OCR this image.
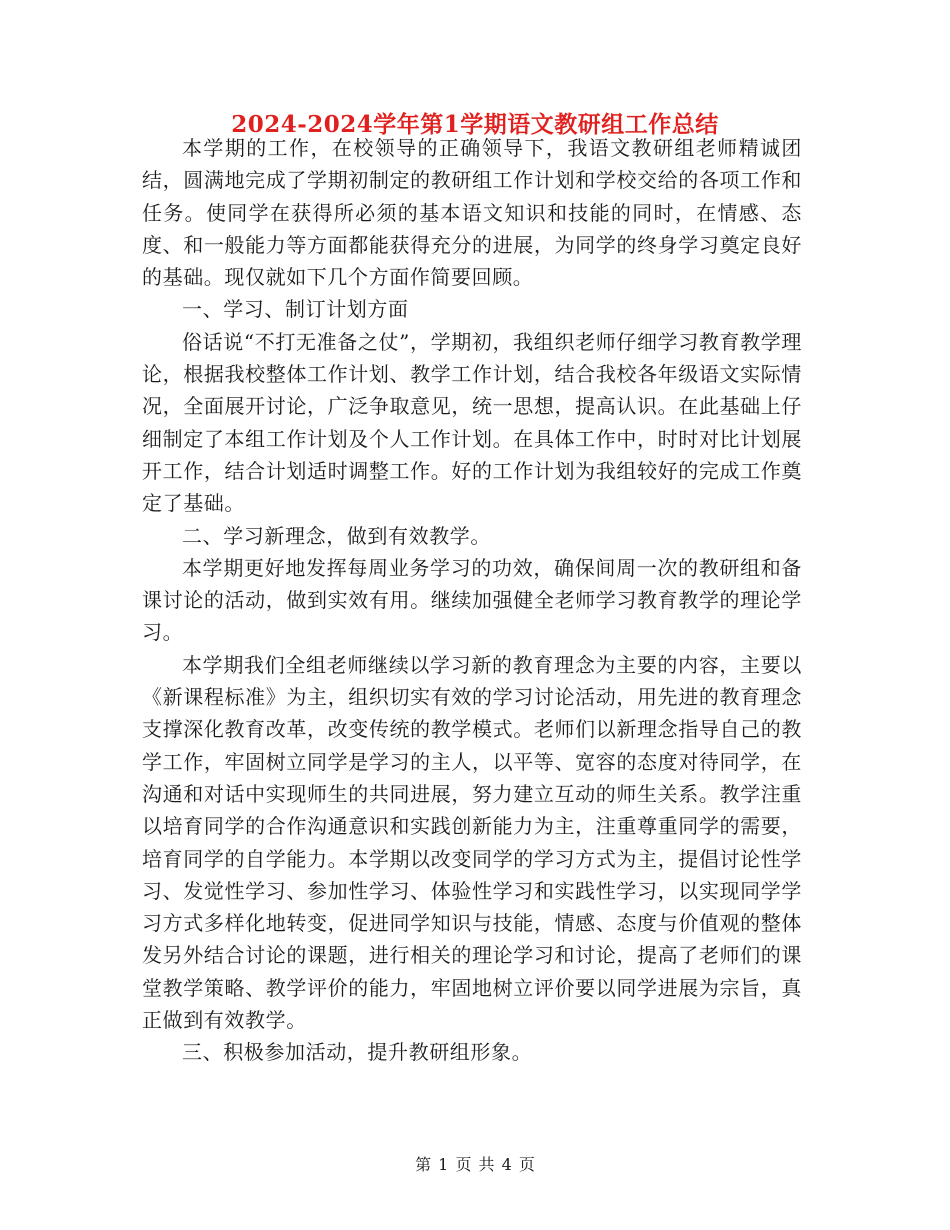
2024-2024学年第1学期语文教研组工作总结

本学期的工作，在校领导的正确领导下，我语文教研组老师精诚团结，圆满地完成了学期初制定的教研组工作计划和学校交给的各项工作和任务。使同学在获得所必须的基本语文知识和技能的同时，在情感、态度、和一般能力等方面都能获得充分的进展，为同学的终身学习奠定良好的基础。现仅就如下几个方面作简要回顾。

一、学习、制订计划方面

俗话说“不打无准备之仗”，学期初，我组织老师仔细学习教育教学理论，根据我校整体工作计划、教学工作计划，结合我校各年级语文实际情况，全面展开讨论，广泛争取意见，统一思想，提高认识。在此基础上仔细制定了本组工作计划及个人工作计划。在具体工作中，时时对比计划展开工作，结合计划适时调整工作。好的工作计划为我组较好的完成工作奠定了基础。

二、学习新理念，做到有效教学。

本学期更好地发挥每周业务学习的功效，确保间周一次的教研组和备课讨论的活动，做到实效有用。继续加强健全老师学习教育教学的理论学习。

本学期我们全组老师继续以学习新的教育理念为主要的内容，主要以《新课程标准》为主，组织切实有效的学习讨论活动，用先进的教育理念支撑深化教育改革，改变传统的教学模式。老师们以新理念指导自己的教学工作，牢固树立同学是学习的主人，以平等、宽容的态度对待同学，在沟通和对话中实现师生的共同进展，努力建立互动的师生关系。教学注重以培育同学的合作沟通意识和实践创新能力为主，注重尊重同学的需要，培育同学的自学能力。本学期以改变同学的学习方式为主，提倡讨论性学习、发觉性学习、参加性学习、体验性学习和实践性学习，以实现同学学习方式多样化地转变，促进同学知识与技能，情感、态度与价值观的整体发另外结合讨论的课题，进行相关的理论学习和讨论，提高了老师们的课堂教学策略、教学评价的能力，牢固地树立评价要以同学进展为宗旨，真正做到有效教学。

三、积极参加活动，提升教研组形象。

第 1 页 共 4 页
